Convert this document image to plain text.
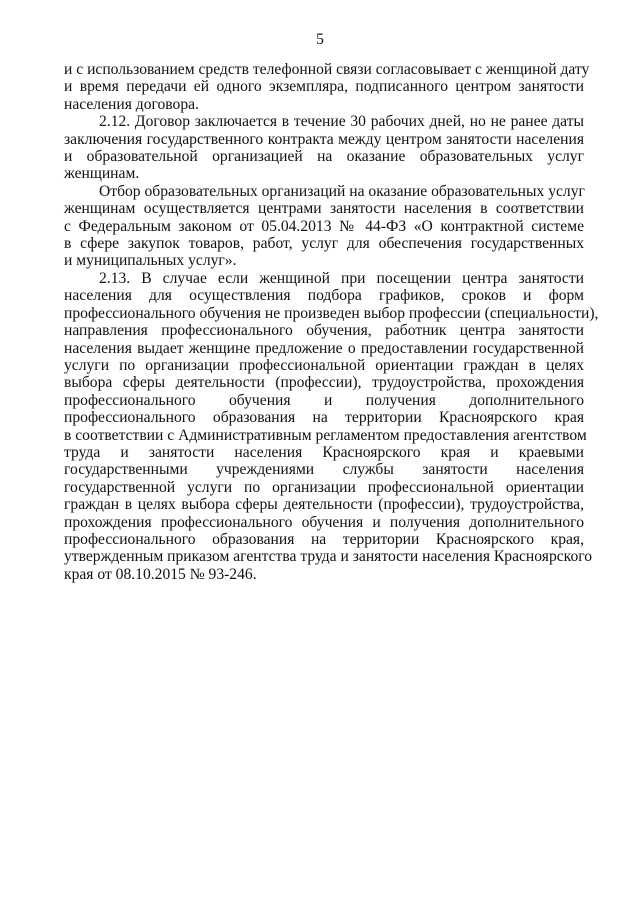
5
и с использованием средств телефонной связи согласовывает с женщиной дату
и время передачи ей одного экземпляра, подписанного центром занятости
населения договора.
2.12. Договор заключается в течение 30 рабочих дней, но не ранее даты
заключения государственного контракта между центром занятости населения
и образовательной организацией на оказание образовательных услуг
женщинам.
Отбор образовательных организаций на оказание образовательных услуг
женщинам осуществляется центрами занятости населения в соответствии
с Федеральным законом от 05.04.2013 № 44-ФЗ «О контрактной системе
в сфере закупок товаров, работ, услуг для обеспечения государственных
и муниципальных услуг».
2.13. В случае если женщиной при посещении центра занятости
населения для осуществления подбора графиков, сроков и форм
профессионального обучения не произведен выбор профессии (специальности),
направления профессионального обучения, работник центра занятости
населения выдает женщине предложение о предоставлении государственной
услуги по организации профессиональной ориентации граждан в целях
выбора сферы деятельности (профессии), трудоустройства, прохождения
профессионального обучения и получения дополнительного
профессионального образования на территории Красноярского края
в соответствии с Административным регламентом предоставления агентством
труда и занятости населения Красноярского края и краевыми
государственными учреждениями службы занятости населения
государственной услуги по организации профессиональной ориентации
граждан в целях выбора сферы деятельности (профессии), трудоустройства,
прохождения профессионального обучения и получения дополнительного
профессионального образования на территории Красноярского края,
утвержденным приказом агентства труда и занятости населения Красноярского
края от 08.10.2015 № 93-246.
